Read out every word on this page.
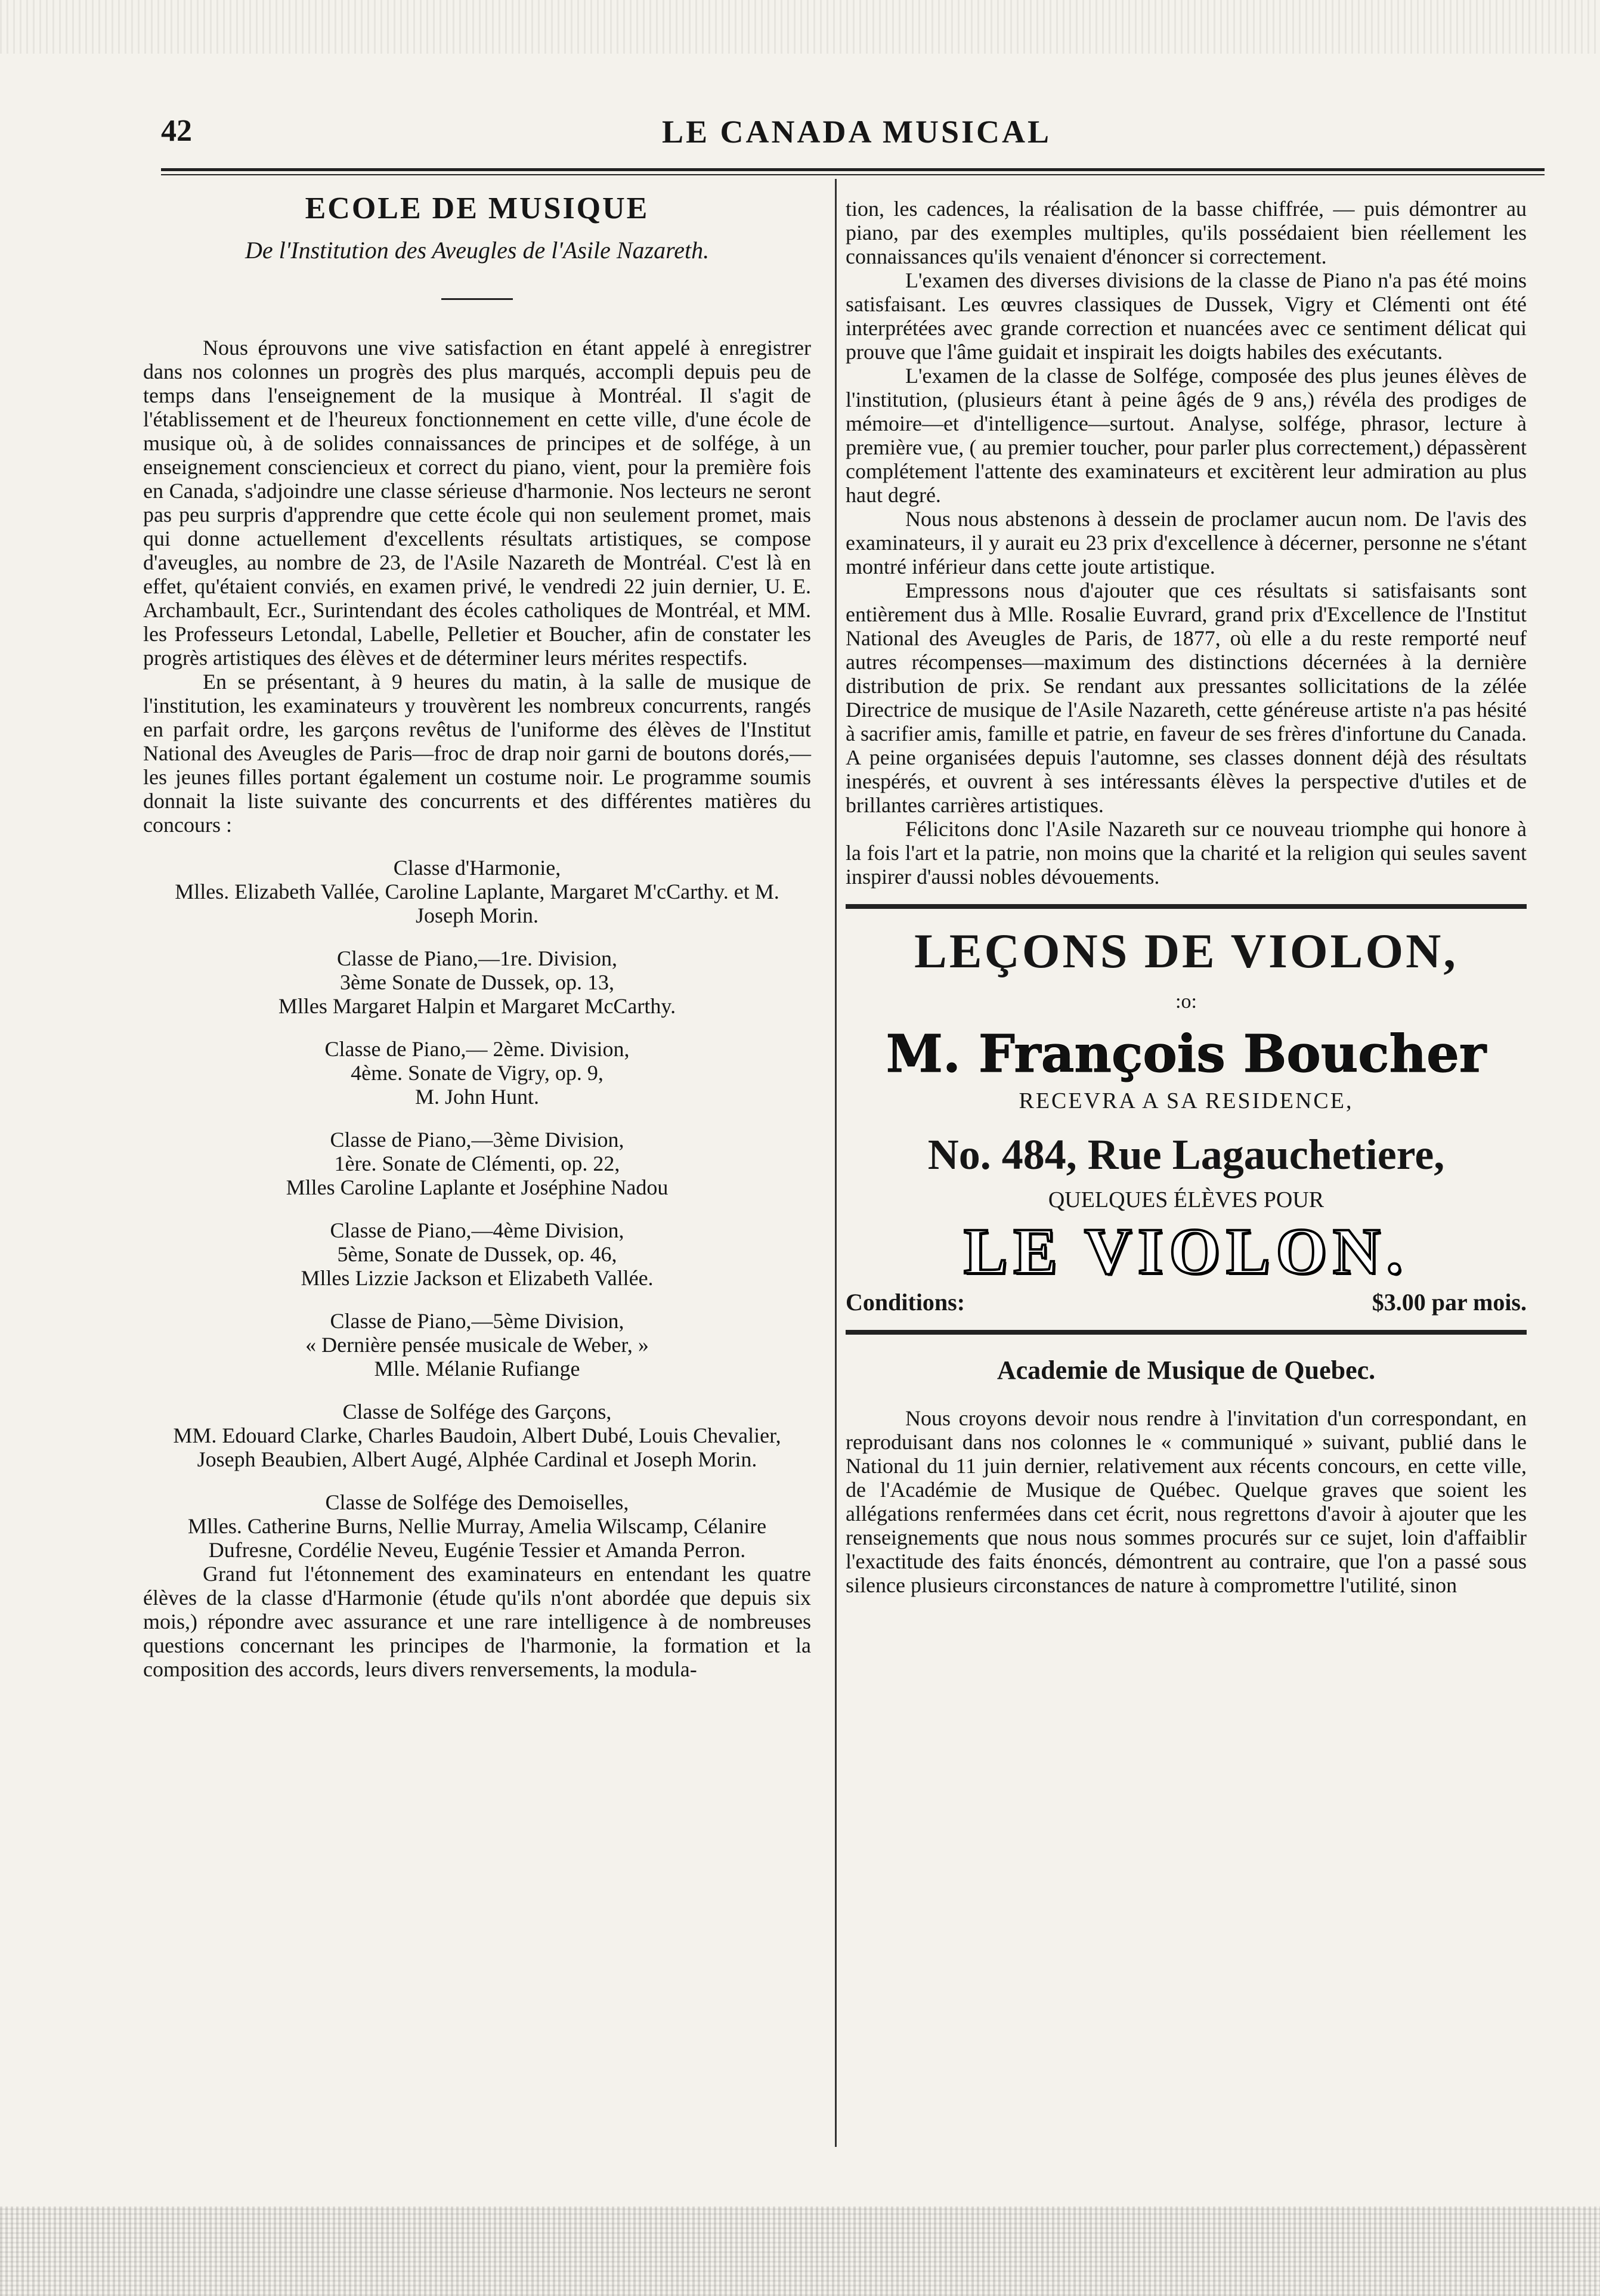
42	LE CANADA MUSICAL
ECOLE DE MUSIQUE
De l'Institution des Aveugles de l'Asile Nazareth.

Nous éprouvons une vive satisfaction en étant appelé à enregistrer dans nos colonnes un progrès des plus marqués, accompli depuis peu de temps dans l'enseignement de la musique à Montréal. Il s'agit de l'établissement et de l'heureux fonctionnement en cette ville, d'une école de musique où, à de solides connaissances de principes et de solfége, à un enseignement consciencieux et correct du piano, vient, pour la première fois en Canada, s'adjoindre une classe sérieuse d'harmonie. Nos lecteurs ne seront pas peu surpris d'apprendre que cette école qui non seulement promet, mais qui donne actuellement d'excellents résultats artistiques, se compose d'aveugles, au nombre de 23, de l'Asile Nazareth de Montréal. C'est là en effet, qu'étaient conviés, en examen privé, le vendredi 22 juin dernier, U. E. Archambault, Ecr., Surintendant des écoles catholiques de Montréal, et MM. les Professeurs Letondal, Labelle, Pelletier et Boucher, afin de constater les progrès artistiques des élèves et de déterminer leurs mérites respectifs.

En se présentant, à 9 heures du matin, à la salle de musique de l'institution, les examinateurs y trouvèrent les nombreux concurrents, rangés en parfait ordre, les garçons revêtus de l'uniforme des élèves de l'Institut National des Aveugles de Paris—froc de drap noir garni de boutons dorés,—les jeunes filles portant également un costume noir. Le programme soumis donnait la liste suivante des concurrents et des différentes matières du concours :

Classe d'Harmonie,
Mlles. Elizabeth Vallée, Caroline Laplante, Margaret M'cCarthy. et M. Joseph Morin.
Classe de Piano,—1re. Division,
3ème Sonate de Dussek, op. 13,
Mlles Margaret Halpin et Margaret McCarthy.
Classe de Piano,— 2ème. Division,
4ème. Sonate de Vigry, op. 9,
M. John Hunt.
Classe de Piano,—3ème Division,
1ère. Sonate de Clémenti, op. 22,
Mlles Caroline Laplante et Joséphine Nadou
Classe de Piano,—4ème Division,
5ème, Sonate de Dussek, op. 46,
Mlles Lizzie Jackson et Elizabeth Vallée.
Classe de Piano,—5ème Division,
« Dernière pensée musicale de Weber, »
Mlle. Mélanie Rufiange
Classe de Solfége des Garçons,
MM. Edouard Clarke, Charles Baudoin, Albert Dubé, Louis Chevalier, Joseph Beaubien, Albert Augé, Alphée Cardinal et Joseph Morin.
Classe de Solfége des Demoiselles,
Mlles. Catherine Burns, Nellie Murray, Amelia Wilscamp, Célanire Dufresne, Cordélie Neveu, Eugénie Tessier et Amanda Perron.

Grand fut l'étonnement des examinateurs en entendant les quatre élèves de la classe d'Harmonie (étude qu'ils n'ont abordée que depuis six mois,) répondre avec assurance et une rare intelligence à de nombreuses questions concernant les principes de l'harmonie, la formation et la composition des accords, leurs divers renversements, la modula-

tion, les cadences, la réalisation de la basse chiffrée, — puis démontrer au piano, par des exemples multiples, qu'ils possédaient bien réellement les connaissances qu'ils venaient d'énoncer si correctement.

L'examen des diverses divisions de la classe de Piano n'a pas été moins satisfaisant. Les œuvres classiques de Dussek, Vigry et Clémenti ont été interprétées avec grande correction et nuancées avec ce sentiment délicat qui prouve que l'âme guidait et inspirait les doigts habiles des exécutants.

L'examen de la classe de Solfége, composée des plus jeunes élèves de l'institution, (plusieurs étant à peine âgés de 9 ans,) révéla des prodiges de mémoire—et d'intelligence—surtout. Analyse, solfége, phrasor, lecture à première vue, ( au premier toucher, pour parler plus correctement,) dépassèrent complétement l'attente des examinateurs et excitèrent leur admiration au plus haut degré.

Nous nous abstenons à dessein de proclamer aucun nom. De l'avis des examinateurs, il y aurait eu 23 prix d'excellence à décerner, personne ne s'étant montré inférieur dans cette joute artistique.

Empressons nous d'ajouter que ces résultats si satisfaisants sont entièrement dus à Mlle. Rosalie Euvrard, grand prix d'Excellence de l'Institut National des Aveugles de Paris, de 1877, où elle a du reste remporté neuf autres récompenses—maximum des distinctions décernées à la dernière distribution de prix. Se rendant aux pressantes sollicitations de la zélée Directrice de musique de l'Asile Nazareth, cette généreuse artiste n'a pas hésité à sacrifier amis, famille et patrie, en faveur de ses frères d'infortune du Canada. A peine organisées depuis l'automne, ses classes donnent déjà des résultats inespérés, et ouvrent à ses intéressants élèves la perspective d'utiles et de brillantes carrières artistiques.

Félicitons donc l'Asile Nazareth sur ce nouveau triomphe qui honore à la fois l'art et la patrie, non moins que la charité et la religion qui seules savent inspirer d'aussi nobles dévouements.

LEÇONS DE VIOLON,
:o:
M. François Boucher
RECEVRA A SA RESIDENCE,
No. 484, Rue Lagauchetiere,
QUELQUES ÉLÈVES POUR
LE VIOLON.
Conditions:	$3.00 par mois.
Academie de Musique de Quebec.

Nous croyons devoir nous rendre à l'invitation d'un correspondant, en reproduisant dans nos colonnes le « communiqué » suivant, publié dans le National du 11 juin dernier, relativement aux récents concours, en cette ville, de l'Académie de Musique de Québec. Quelque graves que soient les allégations renfermées dans cet écrit, nous regrettons d'avoir à ajouter que les renseignements que nous nous sommes procurés sur ce sujet, loin d'affaiblir l'exactitude des faits énoncés, démontrent au contraire, que l'on a passé sous silence plusieurs circonstances de nature à compromettre l'utilité, sinon
